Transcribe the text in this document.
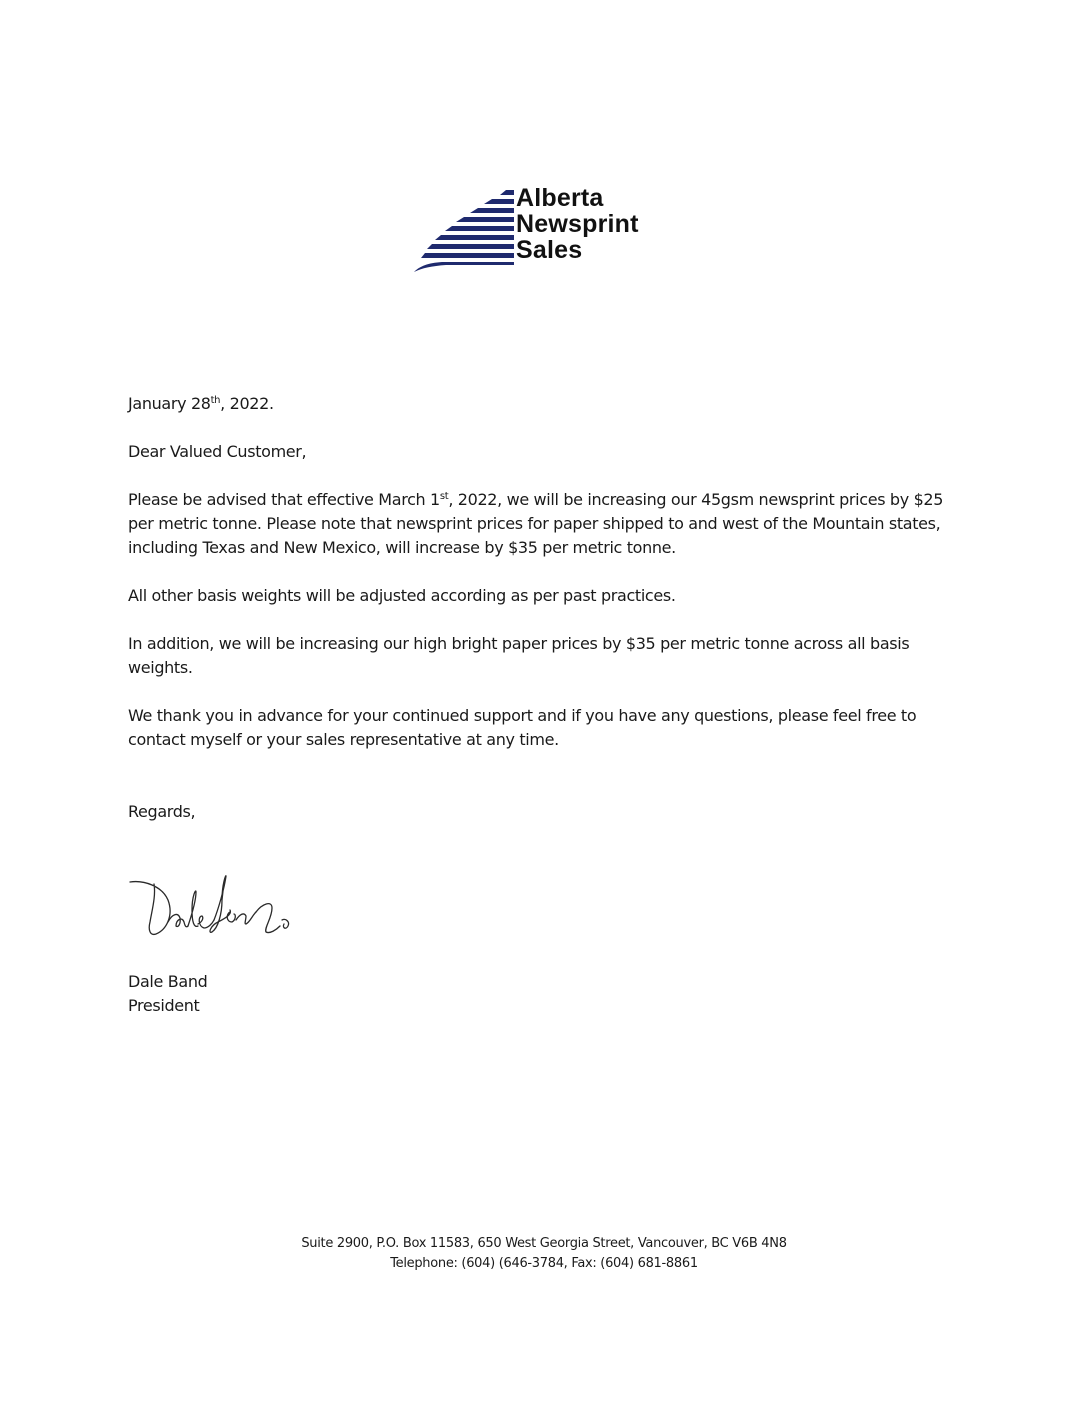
Alberta
Newsprint
Sales

January 28th, 2022.

Dear Valued Customer,

Please be advised that effective March 1st, 2022, we will be increasing our 45gsm newsprint prices by $25 per metric tonne. Please note that newsprint prices for paper shipped to and west of the Mountain states, including Texas and New Mexico, will increase by $35 per metric tonne.

All other basis weights will be adjusted according as per past practices.

In addition, we will be increasing our high bright paper prices by $35 per metric tonne across all basis weights.

We thank you in advance for your continued support and if you have any questions, please feel free to contact myself or your sales representative at any time.

Regards,

Dale Band
President
Suite 2900, P.O. Box 11583, 650 West Georgia Street, Vancouver, BC V6B 4N8
Telephone: (604) (646-3784, Fax: (604) 681-8861
